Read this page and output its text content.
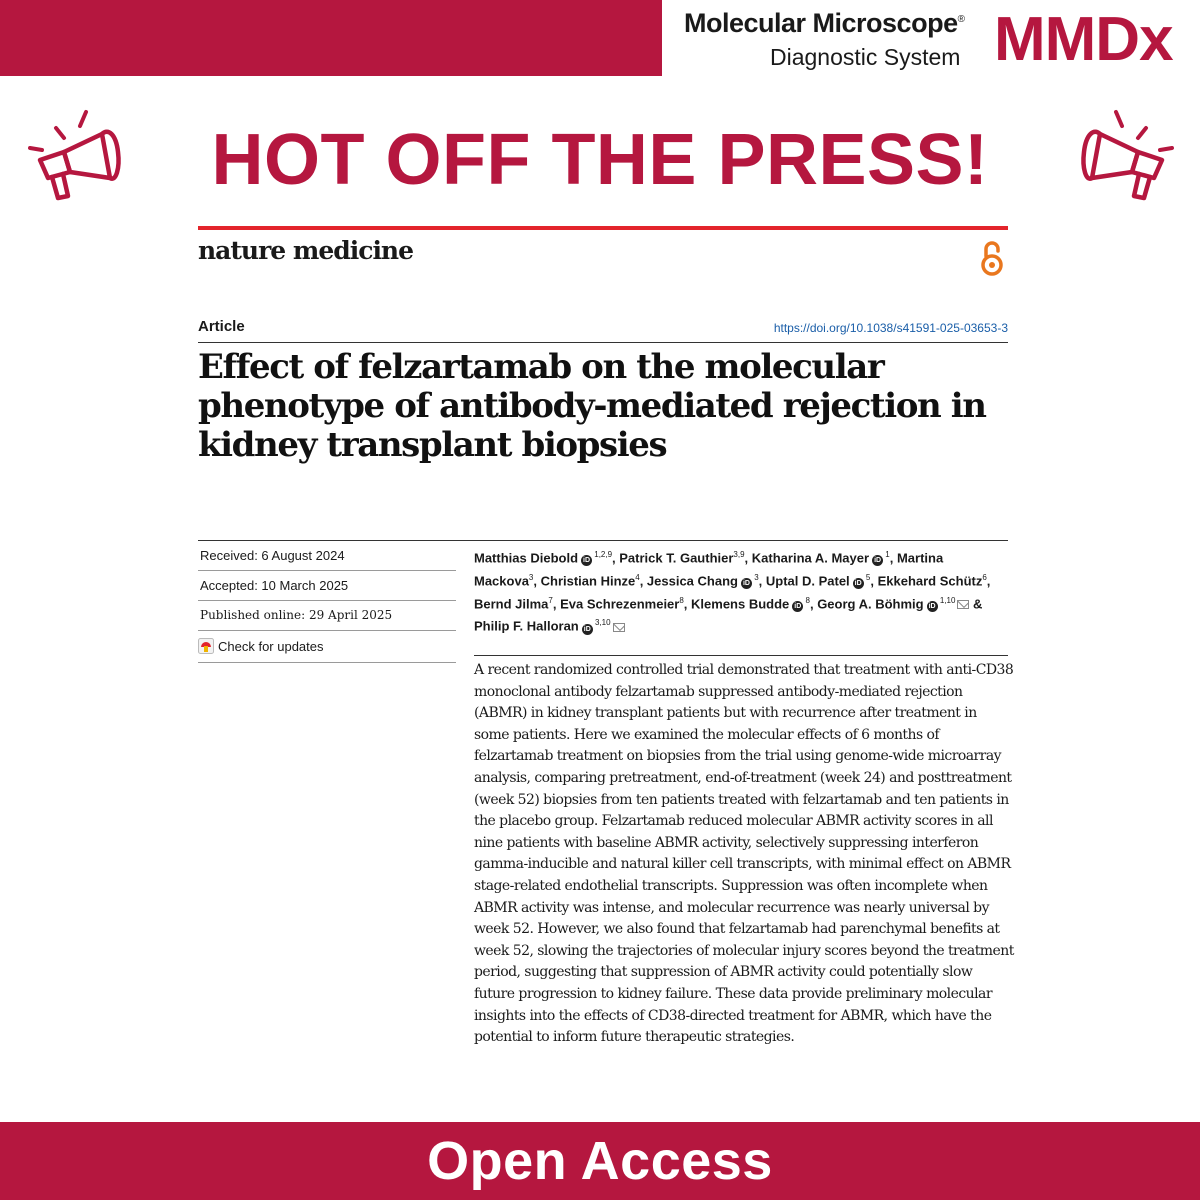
Molecular Microscope®
Diagnostic System MMDx
HOT OFF THE PRESS!
nature medicine
Article	https://doi.org/10.1038/s41591-025-03653-3
Effect of felzartamab on the molecular phenotype of antibody-mediated rejection in kidney transplant biopsies
Received: 6 August 2024
Accepted: 10 March 2025
Published online: 29 April 2025
Check for updates

Matthias Diebold iD $^{1,2,9}$, Patrick T. Gauthier$^{3,9}$, Katharina A. Mayer iD $^1$, Martina Mackova$^3$, Christian Hinze$^4$, Jessica Chang iD $^3$, Uptal D. Patel iD $^5$, Ekkehard Schütz$^6$, Bernd Jilma$^7$, Eva Schrezenmeier$^8$, Klemens Budde iD $^8$, Georg A. Böhmig iD $^{1,10}$ & Philip F. Halloran iD $^{3,10}$

A recent randomized controlled trial demonstrated that treatment with anti-CD38 monoclonal antibody felzartamab suppressed antibody-mediated rejection (ABMR) in kidney transplant patients but with recurrence after treatment in some patients. Here we examined the molecular effects of 6 months of felzartamab treatment on biopsies from the trial using genome-wide microarray analysis, comparing pretreatment, end-of-treatment (week 24) and posttreatment (week 52) biopsies from ten patients treated with felzartamab and ten patients in the placebo group. Felzartamab reduced molecular ABMR activity scores in all nine patients with baseline ABMR activity, selectively suppressing interferon gamma-inducible and natural killer cell transcripts, with minimal effect on ABMR stage-related endothelial transcripts. Suppression was often incomplete when ABMR activity was intense, and molecular recurrence was nearly universal by week 52. However, we also found that felzartamab had parenchymal benefits at week 52, slowing the trajectories of molecular injury scores beyond the treatment period, suggesting that suppression of ABMR activity could potentially slow future progression to kidney failure. These data provide preliminary molecular insights into the effects of CD38-directed treatment for ABMR, which have the potential to inform future therapeutic strategies.

Open Access
